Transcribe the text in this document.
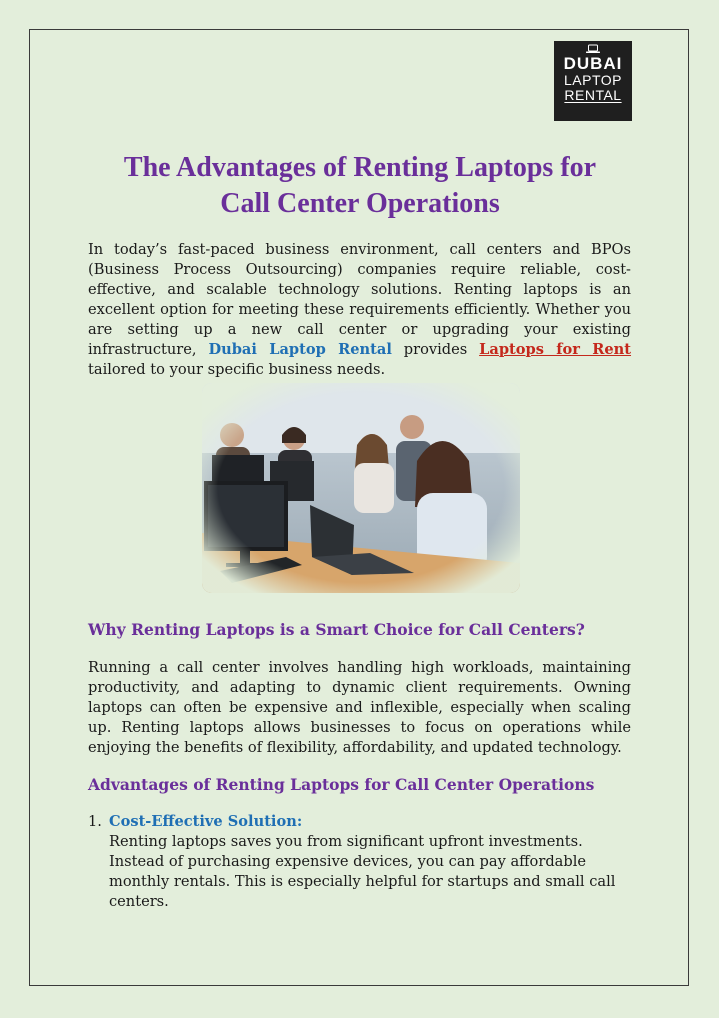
DUBAI
LAPTOP
RENTAL
The Advantages of Renting Laptops for
Call Center Operations

In today’s fast-paced business environment, call centers and BPOs (Business Process Outsourcing) companies require reliable, cost-effective, and scalable technology solutions. Renting laptops is an excellent option for meeting these requirements efficiently. Whether you are setting up a new call center or upgrading your existing infrastructure, Dubai Laptop Rental provides Laptops for Rent tailored to your specific business needs.

Why Renting Laptops is a Smart Choice for Call Centers?

Running a call center involves handling high workloads, maintaining productivity, and adapting to dynamic client requirements. Owning laptops can often be expensive and inflexible, especially when scaling up. Renting laptops allows businesses to focus on operations while enjoying the benefits of flexibility, affordability, and updated technology.

Advantages of Renting Laptops for Call Center Operations
1. Cost-Effective Solution:

Renting laptops saves you from significant upfront investments. Instead of purchasing expensive devices, you can pay affordable monthly rentals. This is especially helpful for startups and small call centers.
